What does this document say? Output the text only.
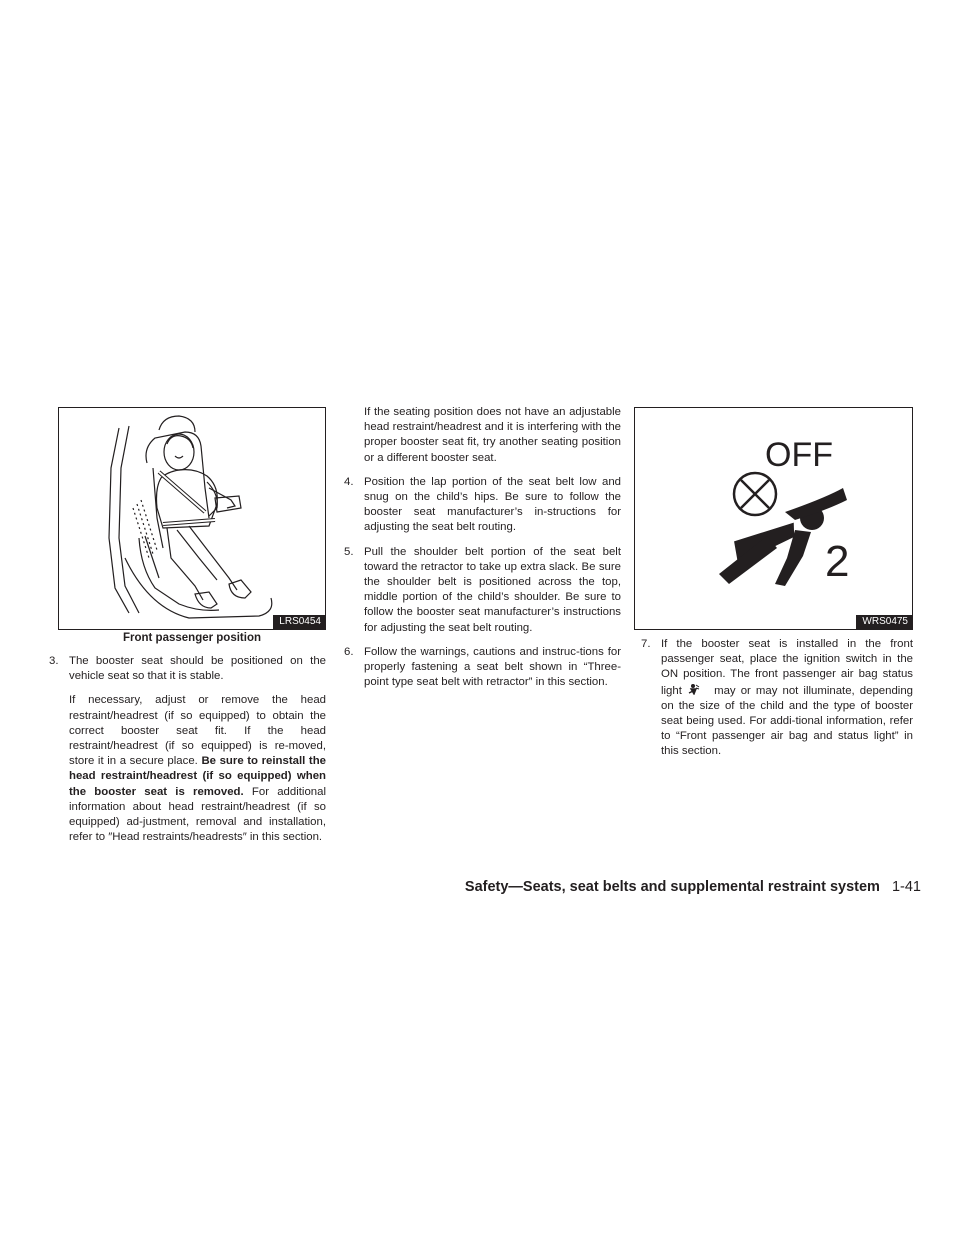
LRS0454
Front passenger position
3. The booster seat should be positioned on the vehicle seat so that it is stable.
If necessary, adjust or remove the head restraint/headrest (if so equipped) to obtain the correct booster seat fit. If the head restraint/headrest (if so equipped) is re-moved, store it in a secure place. Be sure to reinstall the head restraint/headrest (if so equipped) when the booster seat is removed. For additional information about head restraint/headrest (if so equipped) ad-justment, removal and installation, refer to ″Head restraints/headrests″ in this section.
If the seating position does not have an adjustable head restraint/headrest and it is interfering with the proper booster seat fit, try another seating position or a different booster seat.
4. Position the lap portion of the seat belt low and snug on the child’s hips. Be sure to follow the booster seat manufacturer’s in-structions for adjusting the seat belt routing.
5. Pull the shoulder belt portion of the seat belt toward the retractor to take up extra slack. Be sure the shoulder belt is positioned across the top, middle portion of the child’s shoulder. Be sure to follow the booster seat manufacturer’s instructions for adjusting the seat belt routing.
6. Follow the warnings, cautions and instruc-tions for properly fastening a seat belt shown in “Three-point type seat belt with retractor” in this section.
OFF
2
WRS0475
7. If the booster seat is installed in the front passenger seat, place the ignition switch in the ON position. The front passenger air bag status light	may or may not illuminate, depending on the size of the child and the type of booster seat being used. For addi-tional information, refer to “Front passenger air bag and status light” in this section.
Safety—Seats, seat belts and supplemental restraint system 1-41
